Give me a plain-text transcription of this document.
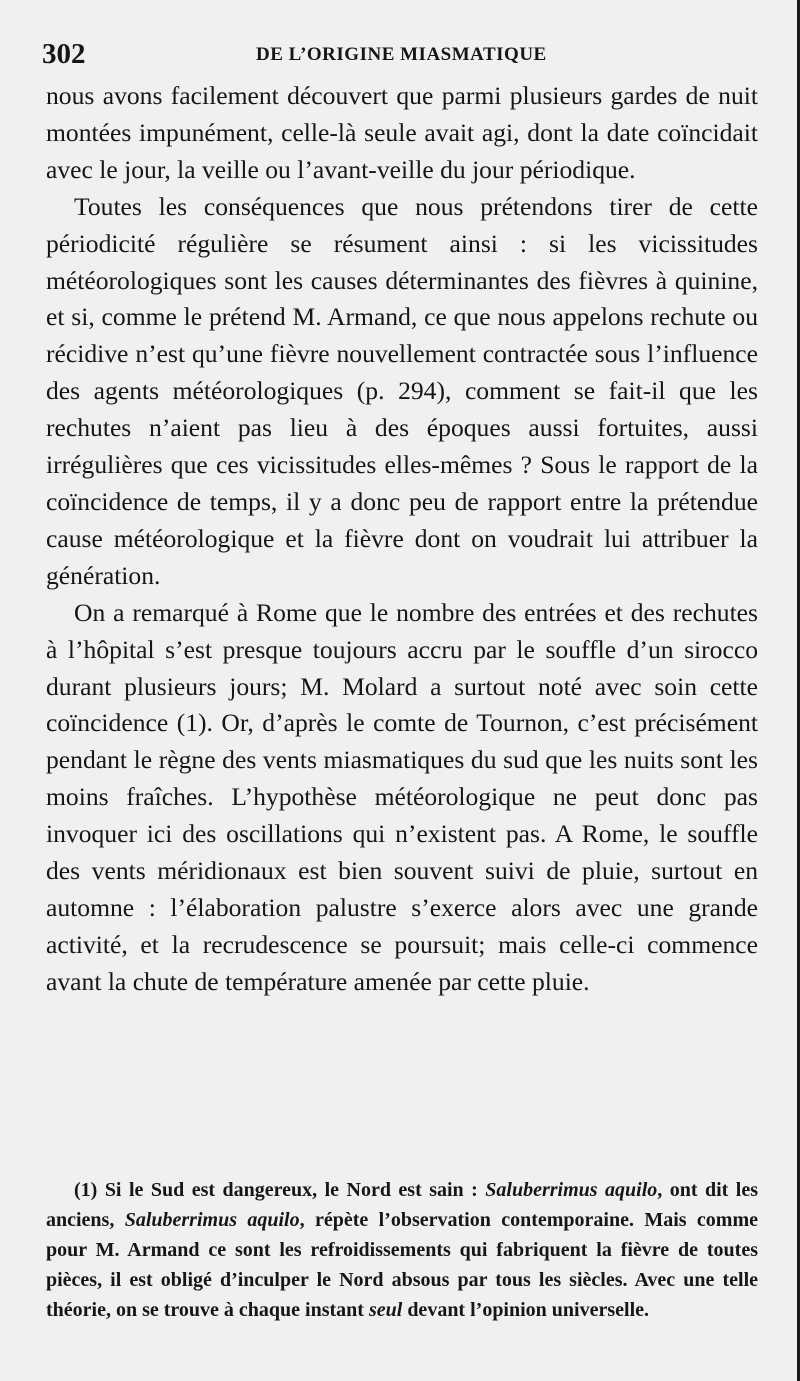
302	DE L’ORIGINE MIASMATIQUE

nous avons facilement découvert que parmi plusieurs gardes de nuit montées impunément, celle-là seule avait agi, dont la date coïncidait avec le jour, la veille ou l’avant-veille du jour périodique.

Toutes les conséquences que nous prétendons tirer de cette périodicité régulière se résument ainsi : si les vicissitudes météorologiques sont les causes déterminantes des fièvres à quinine, et si, comme le prétend M. Armand, ce que nous appelons rechute ou récidive n’est qu’une fièvre nouvellement contractée sous l’influence des agents météorologiques (p. 294), comment se fait-il que les rechutes n’aient pas lieu à des époques aussi fortuites, aussi irrégulières que ces vicissitudes elles-mêmes ? Sous le rapport de la coïncidence de temps, il y a donc peu de rapport entre la prétendue cause météorologique et la fièvre dont on voudrait lui attribuer la génération.

On a remarqué à Rome que le nombre des entrées et des rechutes à l’hôpital s’est presque toujours accru par le souffle d’un sirocco durant plusieurs jours; M. Molard a surtout noté avec soin cette coïncidence (1). Or, d’après le comte de Tournon, c’est précisément pendant le règne des vents miasmatiques du sud que les nuits sont les moins fraîches. L’hypothèse météorologique ne peut donc pas invoquer ici des oscillations qui n’existent pas. A Rome, le souffle des vents méridionaux est bien souvent suivi de pluie, surtout en automne : l’élaboration palustre s’exerce alors avec une grande activité, et la recrudescence se poursuit; mais celle-ci commence avant la chute de température amenée par cette pluie.

(1) Si le Sud est dangereux, le Nord est sain : Saluberrimus aquilo, ont dit les anciens, Saluberrimus aquilo, répète l’observation contemporaine. Mais comme pour M. Armand ce sont les refroidissements qui fabriquent la fièvre de toutes pièces, il est obligé d’inculper le Nord absous par tous les siècles. Avec une telle théorie, on se trouve à chaque instant seul devant l’opinion universelle.
